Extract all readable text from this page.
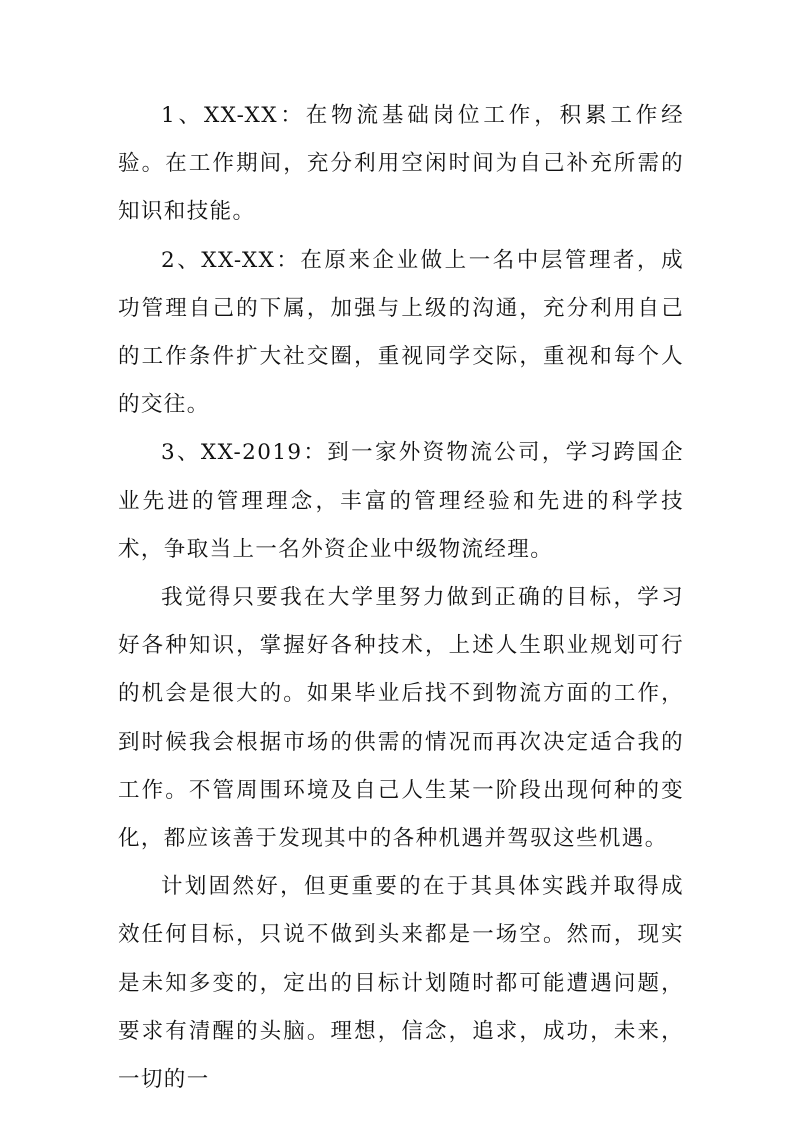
1、XX-XX：在物流基础岗位工作，积累工作经验。在工作期间，充分利用空闲时间为自己补充所需的知识和技能。

2、XX-XX：在原来企业做上一名中层管理者，成功管理自己的下属，加强与上级的沟通，充分利用自己的工作条件扩大社交圈，重视同学交际，重视和每个人的交往。

3、XX-2019：到一家外资物流公司，学习跨国企业先进的管理理念，丰富的管理经验和先进的科学技术，争取当上一名外资企业中级物流经理。

我觉得只要我在大学里努力做到正确的目标，学习好各种知识，掌握好各种技术，上述人生职业规划可行的机会是很大的。如果毕业后找不到物流方面的工作，到时候我会根据市场的供需的情况而再次决定适合我的工作。不管周围环境及自己人生某一阶段出现何种的变化，都应该善于发现其中的各种机遇并驾驭这些机遇。

计划固然好，但更重要的在于其具体实践并取得成效任何目标，只说不做到头来都是一场空。然而，现实是未知多变的，定出的目标计划随时都可能遭遇问题，要求有清醒的头脑。理想，信念，追求，成功，未来，一切的一
